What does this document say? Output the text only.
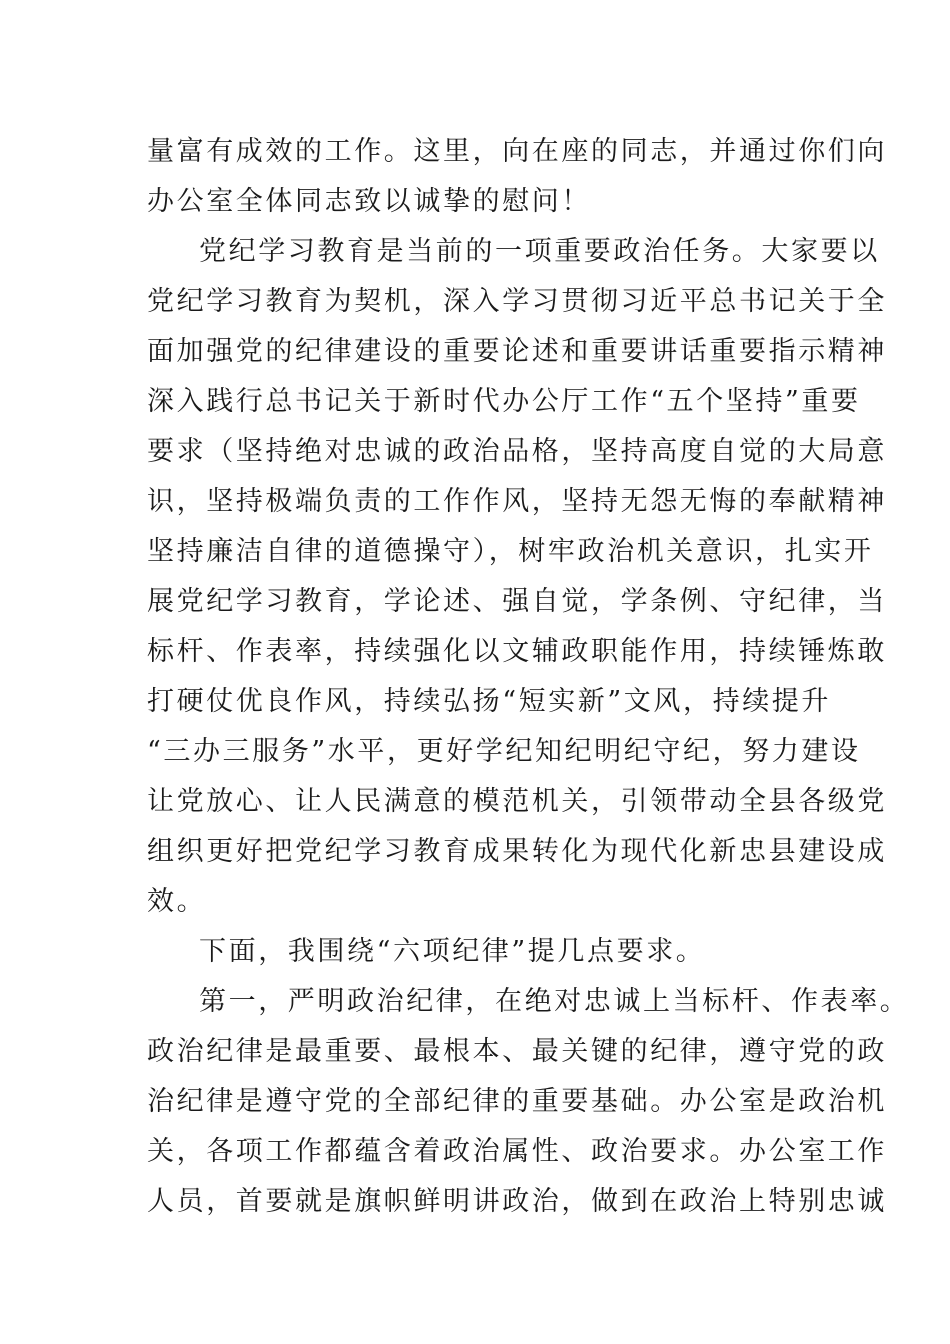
量富有成效的工作。这里，向在座的同志，并通过你们向
办公室全体同志致以诚挚的慰问！
党纪学习教育是当前的一项重要政治任务。大家要以
党纪学习教育为契机，深入学习贯彻习近平总书记关于全
面加强党的纪律建设的重要论述和重要讲话重要指示精神
深入践行总书记关于新时代办公厅工作“五个坚持”重要
要求（坚持绝对忠诚的政治品格，坚持高度自觉的大局意
识，坚持极端负责的工作作风，坚持无怨无悔的奉献精神
坚持廉洁自律的道德操守），树牢政治机关意识，扎实开
展党纪学习教育，学论述、强自觉，学条例、守纪律，当
标杆、作表率，持续强化以文辅政职能作用，持续锤炼敢
打硬仗优良作风，持续弘扬“短实新”文风，持续提升
“三办三服务”水平，更好学纪知纪明纪守纪，努力建设
让党放心、让人民满意的模范机关，引领带动全县各级党
组织更好把党纪学习教育成果转化为现代化新忠县建设成
效。
下面，我围绕“六项纪律”提几点要求。
第一，严明政治纪律，在绝对忠诚上当标杆、作表率。
政治纪律是最重要、最根本、最关键的纪律，遵守党的政
治纪律是遵守党的全部纪律的重要基础。办公室是政治机
关，各项工作都蕴含着政治属性、政治要求。办公室工作
人员，首要就是旗帜鲜明讲政治，做到在政治上特别忠诚
